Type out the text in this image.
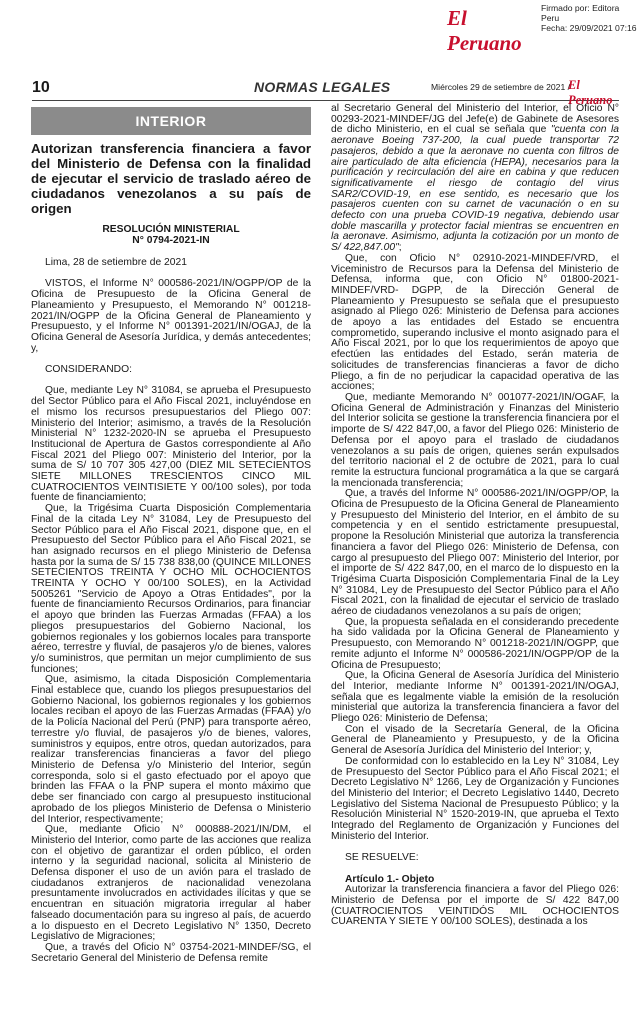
El Peruano
Firmado por: Editora
Peru
Fecha: 29/09/2021 07:16
10	NORMAS LEGALES	Miércoles 29 de setiembre de 2021 /
El Peruano
INTERIOR
Autorizan transferencia financiera a favor del Ministerio de Defensa con la finalidad de ejecutar el servicio de traslado aéreo de ciudadanos venezolanos a su país de origen
RESOLUCIÓN MINISTERIAL
N° 0794-2021-IN

Lima, 28 de setiembre de 2021

VISTOS, el Informe N° 000586-2021/IN/OGPP/OP de la Oficina de Presupuesto de la Oficina General de Planeamiento y Presupuesto, el Memorando N° 001218-2021/IN/OGPP de la Oficina General de Planeamiento y Presupuesto, y el Informe N° 001391-2021/IN/OGAJ, de la Oficina General de Asesoría Jurídica, y demás antecedentes; y,

CONSIDERANDO:

Que, mediante Ley N° 31084, se aprueba el Presupuesto del Sector Público para el Año Fiscal 2021, incluyéndose en el mismo los recursos presupuestarios del Pliego 007: Ministerio del Interior; asimismo, a través de la Resolución Ministerial N° 1232-2020-IN se aprueba el Presupuesto Institucional de Apertura de Gastos correspondiente al Año Fiscal 2021 del Pliego 007: Ministerio del Interior, por la suma de S/ 10 707 305 427,00 (DIEZ MIL SETECIENTOS SIETE MILLONES TRESCIENTOS CINCO MIL CUATROCIENTOS VEINTISIETE Y 00/100 soles), por toda fuente de financiamiento;

Que, la Trigésima Cuarta Disposición Complementaria Final de la citada Ley N° 31084, Ley de Presupuesto del Sector Público para el Año Fiscal 2021, dispone que, en el Presupuesto del Sector Público para el Año Fiscal 2021, se han asignado recursos en el pliego Ministerio de Defensa hasta por la suma de S/ 15 738 838,00 (QUINCE MILLONES SETECIENTOS TREINTA Y OCHO MIL OCHOCIENTOS TREINTA Y OCHO Y 00/100 SOLES), en la Actividad 5005261 "Servicio de Apoyo a Otras Entidades", por la fuente de financiamiento Recursos Ordinarios, para financiar el apoyo que brinden las Fuerzas Armadas (FFAA) a los pliegos presupuestarios del Gobierno Nacional, los gobiernos regionales y los gobiernos locales para transporte aéreo, terrestre y fluvial, de pasajeros y/o de bienes, valores y/o suministros, que permitan un mejor cumplimiento de sus funciones;

Que, asimismo, la citada Disposición Complementaria Final establece que, cuando los pliegos presupuestarios del Gobierno Nacional, los gobiernos regionales y los gobiernos locales reciban el apoyo de las Fuerzas Armadas (FFAA) y/o de la Policía Nacional del Perú (PNP) para transporte aéreo, terrestre y/o fluvial, de pasajeros y/o de bienes, valores, suministros y equipos, entre otros, quedan autorizados, para realizar transferencias financieras a favor del pliego Ministerio de Defensa y/o Ministerio del Interior, según corresponda, solo si el gasto efectuado por el apoyo que brinden las FFAA o la PNP supera el monto máximo que debe ser financiado con cargo al presupuesto institucional aprobado de los pliegos Ministerio de Defensa o Ministerio del Interior, respectivamente;

Que, mediante Oficio N° 000888-2021/IN/DM, el Ministerio del Interior, como parte de las acciones que realiza con el objetivo de garantizar el orden público, el orden interno y la seguridad nacional, solicita al Ministerio de Defensa disponer el uso de un avión para el traslado de ciudadanos extranjeros de nacionalidad venezolana presuntamente involucrados en actividades ilícitas y que se encuentran en situación migratoria irregular al haber falseado documentación para su ingreso al país, de acuerdo a lo dispuesto en el Decreto Legislativo N° 1350, Decreto Legislativo de Migraciones;

Que, a través del Oficio N° 03754-2021-MINDEF/SG, el Secretario General del Ministerio de Defensa remite

al Secretario General del Ministerio del Interior, el Oficio N° 00293-2021-MINDEF/JG del Jefe(e) de Gabinete de Asesores de dicho Ministerio, en el cual se señala que "cuenta con la aeronave Boeing 737-200, la cual puede transportar 72 pasajeros, debido a que la aeronave no cuenta con filtros de aire particulado de alta eficiencia (HEPA), necesarios para la purificación y recirculación del aire en cabina y que reducen significativamente el riesgo de contagio del virus SAR2/COVID-19, en ese sentido, es necesario que los pasajeros cuenten con su carnet de vacunación o en su defecto con una prueba COVID-19 negativa, debiendo usar doble mascarilla y protector facial mientras se encuentren en la aeronave. Asimismo, adjunta la cotización por un monto de S/ 422,847.00";

Que, con Oficio N° 02910-2021-MINDEF/VRD, el Viceministro de Recursos para la Defensa del Ministerio de Defensa, informa que, con Oficio N° 01800-2021-MINDEF/VRD- DGPP, de la Dirección General de Planeamiento y Presupuesto se señala que el presupuesto asignado al Pliego 026: Ministerio de Defensa para acciones de apoyo a las entidades del Estado se encuentra comprometido, superando inclusive el monto asignado para el Año Fiscal 2021, por lo que los requerimientos de apoyo que efectúen las entidades del Estado, serán materia de solicitudes de transferencias financieras a favor de dicho Pliego, a fin de no perjudicar la capacidad operativa de las acciones;

Que, mediante Memorando N° 001077-2021/IN/OGAF, la Oficina General de Administración y Finanzas del Ministerio del Interior solicita se gestione la transferencia financiera por el importe de S/ 422 847,00, a favor del Pliego 026: Ministerio de Defensa por el apoyo para el traslado de ciudadanos venezolanos a su país de origen, quienes serán expulsados del territorio nacional el 2 de octubre de 2021, para lo cual remite la estructura funcional programática a la que se cargará la mencionada transferencia;

Que, a través del Informe N° 000586-2021/IN/OGPP/OP, la Oficina de Presupuesto de la Oficina General de Planeamiento y Presupuesto del Ministerio del Interior, en el ámbito de su competencia y en el sentido estrictamente presupuestal, propone la Resolución Ministerial que autoriza la transferencia financiera a favor del Pliego 026: Ministerio de Defensa, con cargo al presupuesto del Pliego 007: Ministerio del Interior, por el importe de S/ 422 847,00, en el marco de lo dispuesto en la Trigésima Cuarta Disposición Complementaria Final de la Ley N° 31084, Ley de Presupuesto del Sector Público para el Año Fiscal 2021, con la finalidad de ejecutar el servicio de traslado aéreo de ciudadanos venezolanos a su país de origen;

Que, la propuesta señalada en el considerando precedente ha sido validada por la Oficina General de Planeamiento y Presupuesto, con Memorando N° 001218-2021/IN/OGPP, que remite adjunto el Informe N° 000586-2021/IN/OGPP/OP de la Oficina de Presupuesto;

Que, la Oficina General de Asesoría Jurídica del Ministerio del Interior, mediante Informe N° 001391-2021/IN/OGAJ, señala que es legalmente viable la emisión de la resolución ministerial que autoriza la transferencia financiera a favor del Pliego 026: Ministerio de Defensa;

Con el visado de la Secretaría General, de la Oficina General de Planeamiento y Presupuesto, y de la Oficina General de Asesoría Jurídica del Ministerio del Interior; y,

De conformidad con lo establecido en la Ley N° 31084, Ley de Presupuesto del Sector Público para el Año Fiscal 2021; el Decreto Legislativo N° 1266, Ley de Organización y Funciones del Ministerio del Interior; el Decreto Legislativo 1440, Decreto Legislativo del Sistema Nacional de Presupuesto Público; y la Resolución Ministerial N° 1520-2019-IN, que aprueba el Texto Integrado del Reglamento de Organización y Funciones del Ministerio del Interior.

SE RESUELVE:

Artículo 1.- Objeto

Autorizar la transferencia financiera a favor del Pliego 026: Ministerio de Defensa por el importe de S/ 422 847,00 (CUATROCIENTOS VEINTIDÓS MIL OCHOCIENTOS CUARENTA Y SIETE Y 00/100 SOLES), destinada a los
